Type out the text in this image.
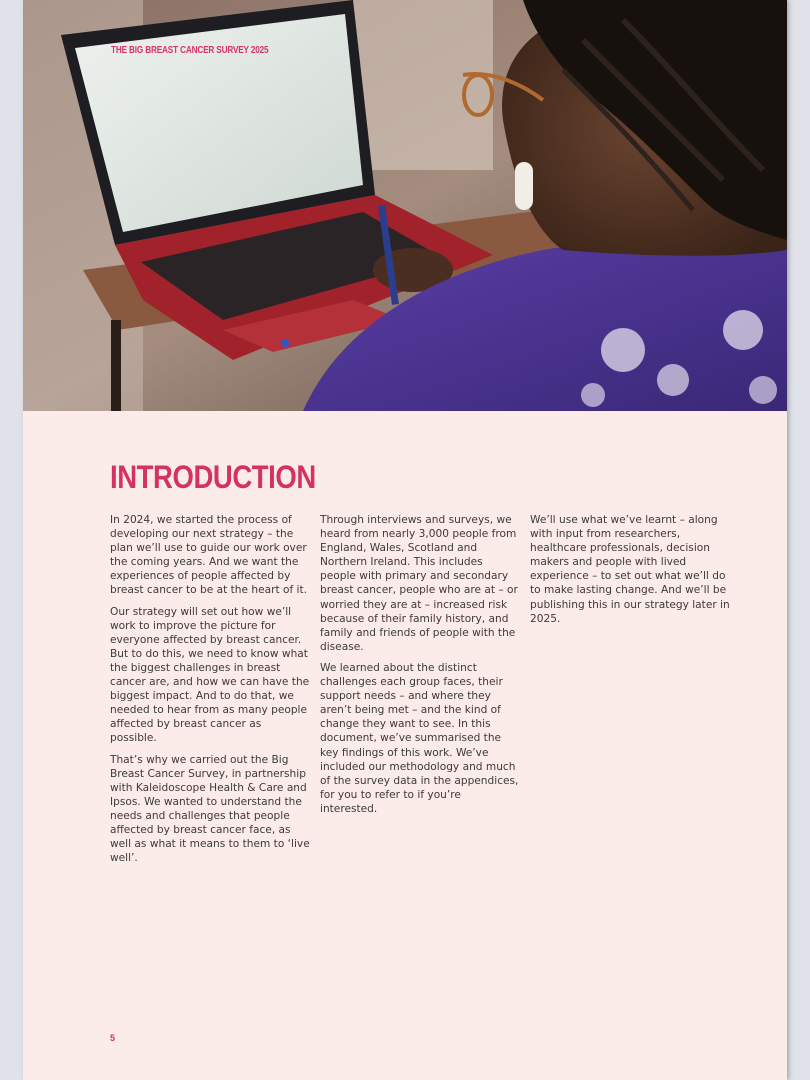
THE BIG BREAST CANCER SURVEY 2025
INTRODUCTION

In 2024, we started the process of developing our next strategy – the plan we’ll use to guide our work over the coming years. And we want the experiences of people affected by breast cancer to be at the heart of it.

Our strategy will set out how we’ll work to improve the picture for everyone affected by breast cancer. But to do this, we need to know what the biggest challenges in breast cancer are, and how we can have the biggest impact. And to do that, we needed to hear from as many people affected by breast cancer as possible.

That’s why we carried out the Big Breast Cancer Survey, in partnership with Kaleidoscope Health & Care and Ipsos. We wanted to understand the needs and challenges that people affected by breast cancer face, as well as what it means to them to ‘live well’.

Through interviews and surveys, we heard from nearly 3,000 people from England, Wales, Scotland and Northern Ireland. This includes people with primary and secondary breast cancer, people who are at – or worried they are at – increased risk because of their family history, and family and friends of people with the disease.

We learned about the distinct challenges each group faces, their support needs – and where they aren’t being met – and the kind of change they want to see. In this document, we’ve summarised the key findings of this work. We’ve included our methodology and much of the survey data in the appendices, for you to refer to if you’re interested.

We’ll use what we’ve learnt – along with input from researchers, healthcare professionals, decision makers and people with lived experience – to set out what we’ll do to make lasting change. And we’ll be publishing this in our strategy later in 2025.

5
